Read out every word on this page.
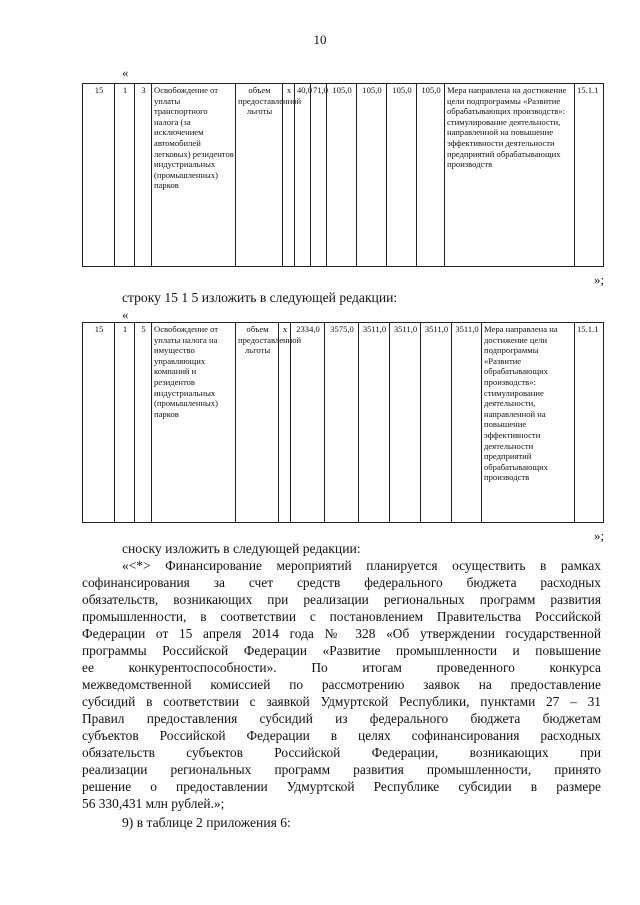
10
«
15	1	3	Освобождение от уплаты транспортного налога (за исключением автомобилей легковых) резидентов индустриальных (промышленных) парков	объем предоставленной льготы	х	40,0	71,0	105,0	105,0	105,0	105,0	Мера направлена на достижение цели подпрограммы «Развитие обрабатывающих производств»: стимулирование деятельности, направленной на повышение эффективности деятельности предприятий обрабатывающих производств	15.1.1
»;
строку 15 1 5 изложить в следующей редакции:
«
15	1	5	Освобождение от уплаты налога на имущество управляющих компаний и резидентов индустриальных (промышленных) парков	объем предоставленной льготы	х	2334,0	3575,0	3511,0	3511,0	3511,0	3511,0	Мера направлена на достижение цели подпрограммы «Развитие обрабатывающих производств»: стимулирование деятельности, направленной на повышение эффективности деятельности предприятий обрабатывающих производств	15.1.1
»;
сноску изложить в следующей редакции:
«<*> Финансирование мероприятий планируется осуществить в рамках
софинансирования за счет средств федерального бюджета расходных
обязательств, возникающих при реализации региональных программ развития
промышленности, в соответствии с постановлением Правительства Российской
Федерации от 15 апреля 2014 года № 328 «Об утверждении государственной
программы Российской Федерации «Развитие промышленности и повышение
ее конкурентоспособности». По итогам проведенного конкурса
межведомственной комиссией по рассмотрению заявок на предоставление
субсидий в соответствии с заявкой Удмуртской Республики, пунктами 27 – 31
Правил предоставления субсидий из федерального бюджета бюджетам
субъектов Российской Федерации в целях софинансирования расходных
обязательств субъектов Российской Федерации, возникающих при
реализации региональных программ развития промышленности, принято
решение о предоставлении Удмуртской Республике субсидии в размере
56 330,431 млн рублей.»;
9) в таблице 2 приложения 6:
